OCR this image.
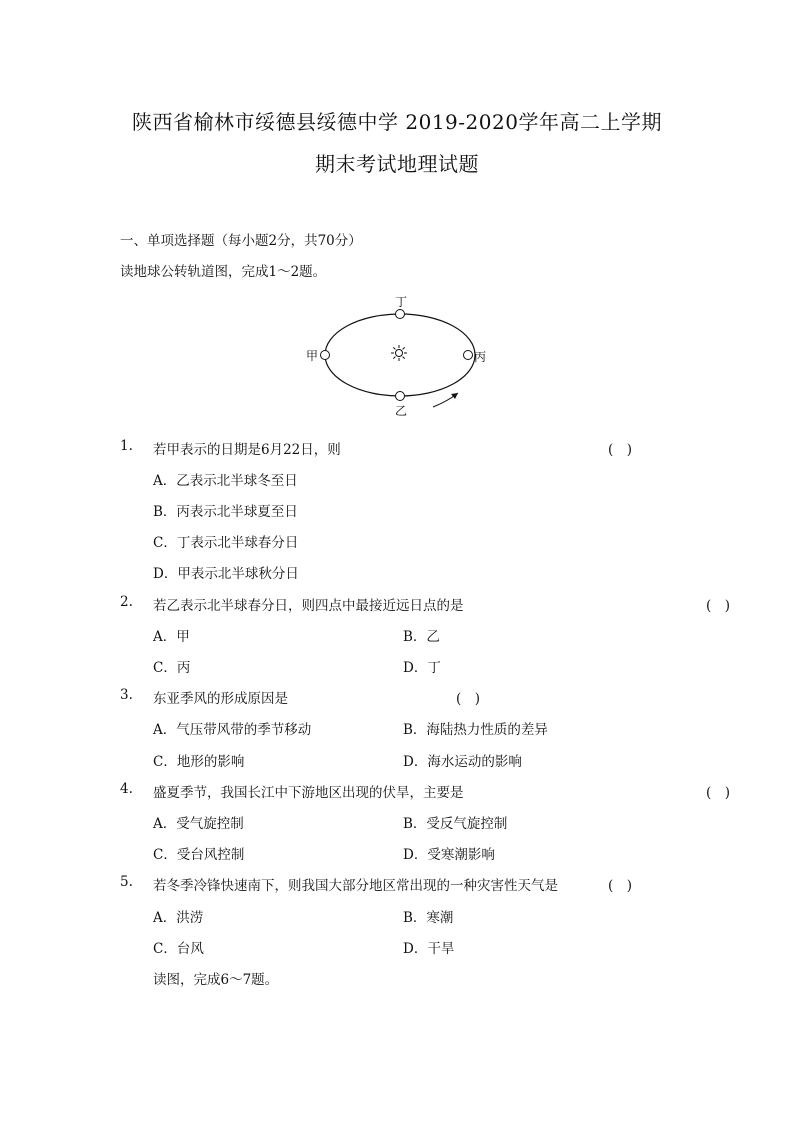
陕西省榆林市绥德县绥德中学 2019-2020学年高二上学期
期末考试地理试题
一、单项选择题（每小题2分，共70分）
读地球公转轨道图，完成1～2题。
丁
甲	丙
乙
1. 若甲表示的日期是6月22日，则	(　)
A．乙表示北半球冬至日
B．丙表示北半球夏至日
C．丁表示北半球春分日
D．甲表示北半球秋分日
2. 若乙表示北半球春分日，则四点中最接近远日点的是	(　)
A．甲	B．乙
C．丙	D．丁
3. 东亚季风的形成原因是	(　)
A．气压带风带的季节移动	B．海陆热力性质的差异
C．地形的影响	D．海水运动的影响
4. 盛夏季节，我国长江中下游地区出现的伏旱，主要是	(　)
A．受气旋控制	B．受反气旋控制
C．受台风控制	D．受寒潮影响
5. 若冬季冷锋快速南下，则我国大部分地区常出现的一种灾害性天气是	(　)
A．洪涝	B．寒潮
C．台风	D．干旱
读图，完成6～7题。
